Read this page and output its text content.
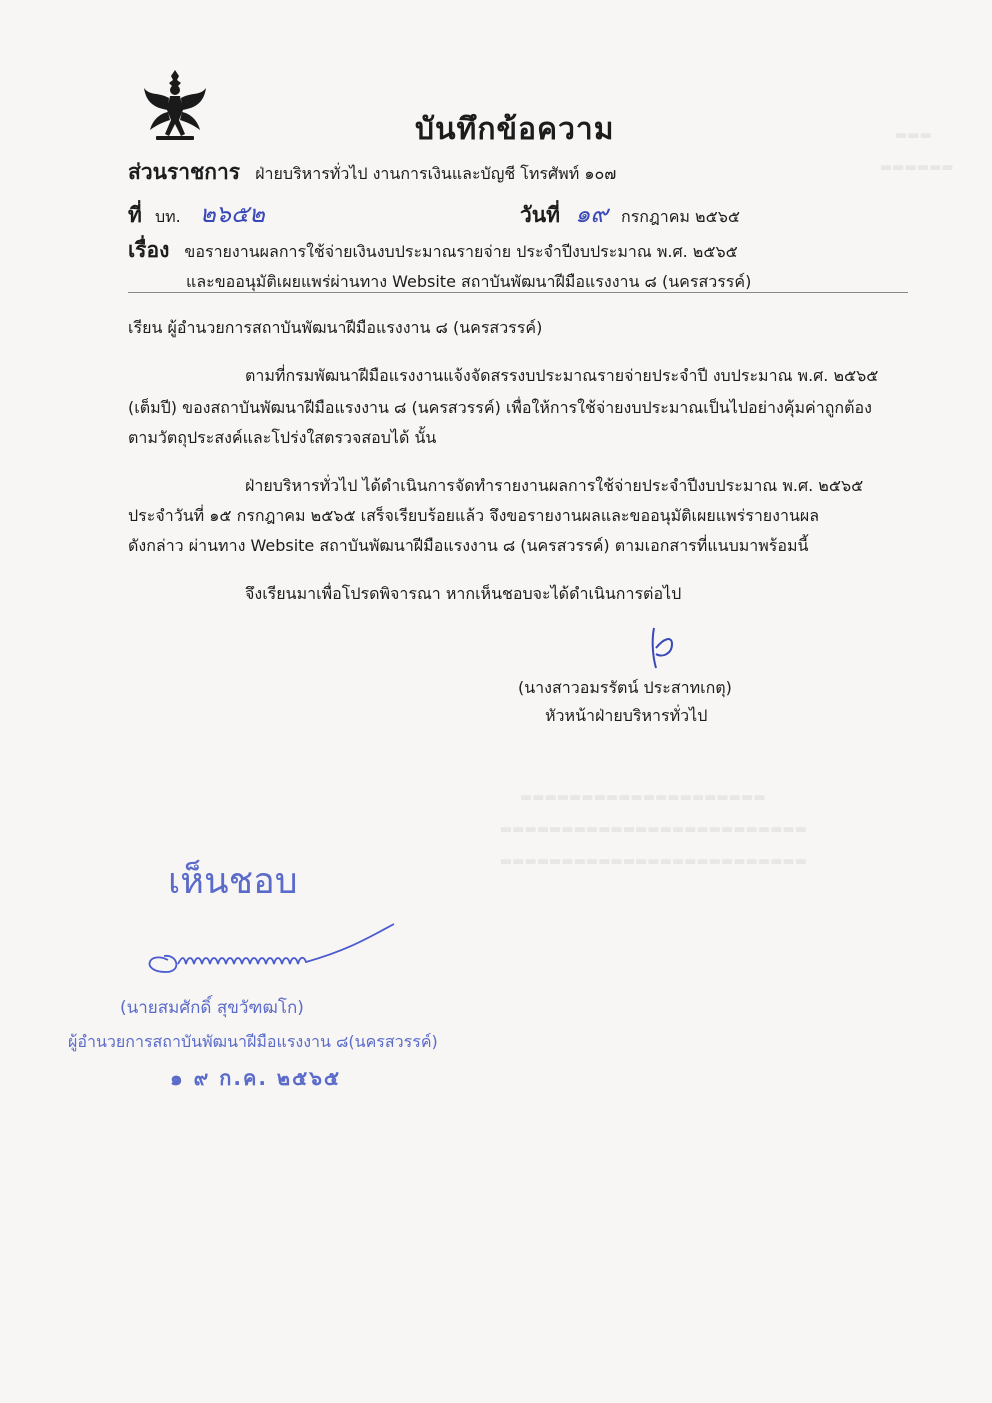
▬▬▬
▬▬▬▬▬▬
▬▬▬▬▬▬▬▬▬▬▬▬▬▬▬▬▬▬▬▬
▬▬▬▬▬▬▬▬▬▬▬▬▬▬▬▬▬▬▬▬▬▬▬▬▬
▬▬▬▬▬▬▬▬▬▬▬▬▬▬▬▬▬▬▬▬▬▬▬▬▬
บันทึกข้อความ
ส่วนราชการ ฝ่ายบริหารทั่วไป งานการเงินและบัญชี โทรศัพท์ ๑๐๗
ที่ บท. ๒๖๕๒	วันที่ ๑๙ กรกฎาคม ๒๕๖๕
เรื่อง ขอรายงานผลการใช้จ่ายเงินงบประมาณรายจ่าย ประจำปีงบประมาณ พ.ศ. ๒๕๖๕
และขออนุมัติเผยแพร่ผ่านทาง Website สถาบันพัฒนาฝีมือแรงงาน ๘ (นครสวรรค์)
เรียน ผู้อำนวยการสถาบันพัฒนาฝีมือแรงงาน ๘ (นครสวรรค์)
ตามที่กรมพัฒนาฝีมือแรงงานแจ้งจัดสรรงบประมาณรายจ่ายประจำปี งบประมาณ พ.ศ. ๒๕๖๕
(เต็มปี) ของสถาบันพัฒนาฝีมือแรงงาน ๘ (นครสวรรค์) เพื่อให้การใช้จ่ายงบประมาณเป็นไปอย่างคุ้มค่าถูกต้อง
ตามวัตถุประสงค์และโปร่งใสตรวจสอบได้ นั้น
ฝ่ายบริหารทั่วไป ได้ดำเนินการจัดทำรายงานผลการใช้จ่ายประจำปีงบประมาณ พ.ศ. ๒๕๖๕
ประจำวันที่ ๑๕ กรกฎาคม ๒๕๖๕ เสร็จเรียบร้อยแล้ว จึงขอรายงานผลและขออนุมัติเผยแพร่รายงานผล
ดังกล่าว ผ่านทาง Website สถาบันพัฒนาฝีมือแรงงาน ๘ (นครสวรรค์) ตามเอกสารที่แนบมาพร้อมนี้
จึงเรียนมาเพื่อโปรดพิจารณา หากเห็นชอบจะได้ดำเนินการต่อไป
(นางสาวอมรรัตน์ ประสาทเกตุ)
หัวหน้าฝ่ายบริหารทั่วไป
เห็นชอบ
(นายสมศักดิ์ สุขวัฑฒโก)
ผู้อำนวยการสถาบันพัฒนาฝีมือแรงงาน ๘(นครสวรรค์)
๑ ๙ ก.ค. ๒๕๖๕
